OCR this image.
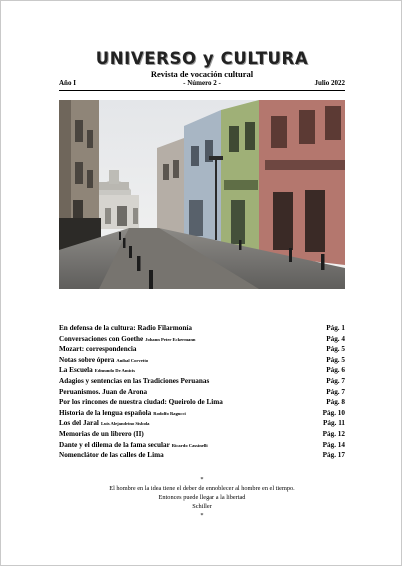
UNIVERSO y CULTURA
Revista de vocación cultural
Año I	- Número 2 -	Julio 2022
En defensa de la cultura: Radio Filarmonía	Pág. 1
Conversaciones con Goethe Johann Peter Eckermann	Pág. 4
Mozart: correspondencia	Pág. 5
Notas sobre ópera Aníbal Corvetto	Pág. 5
La Escuela Edmundo De Amicis	Pág. 6
Adagios y sentencias en las Tradiciones Peruanas	Pág. 7
Peruanismos. Juan de Arona	Pág. 7
Por los rincones de nuestra ciudad: Queirolo de Lima	Pág. 8
Historia de la lengua española Rodolfo Ragucci	Pág. 10
Los del Jaral Luis Alejandrino Sisbola	Pág. 11
Memorias de un librero (II)	Pág. 12
Dante y el dilema de la fama secular Ricardo Cassinelli	Pág. 14
Nomenclátor de las calles de Lima	Pág. 17
*
El hombre en la idea tiene el deber de ennoblecer al hombre en el tiempo.
Entonces puede llegar a la libertad
Schiller
*
